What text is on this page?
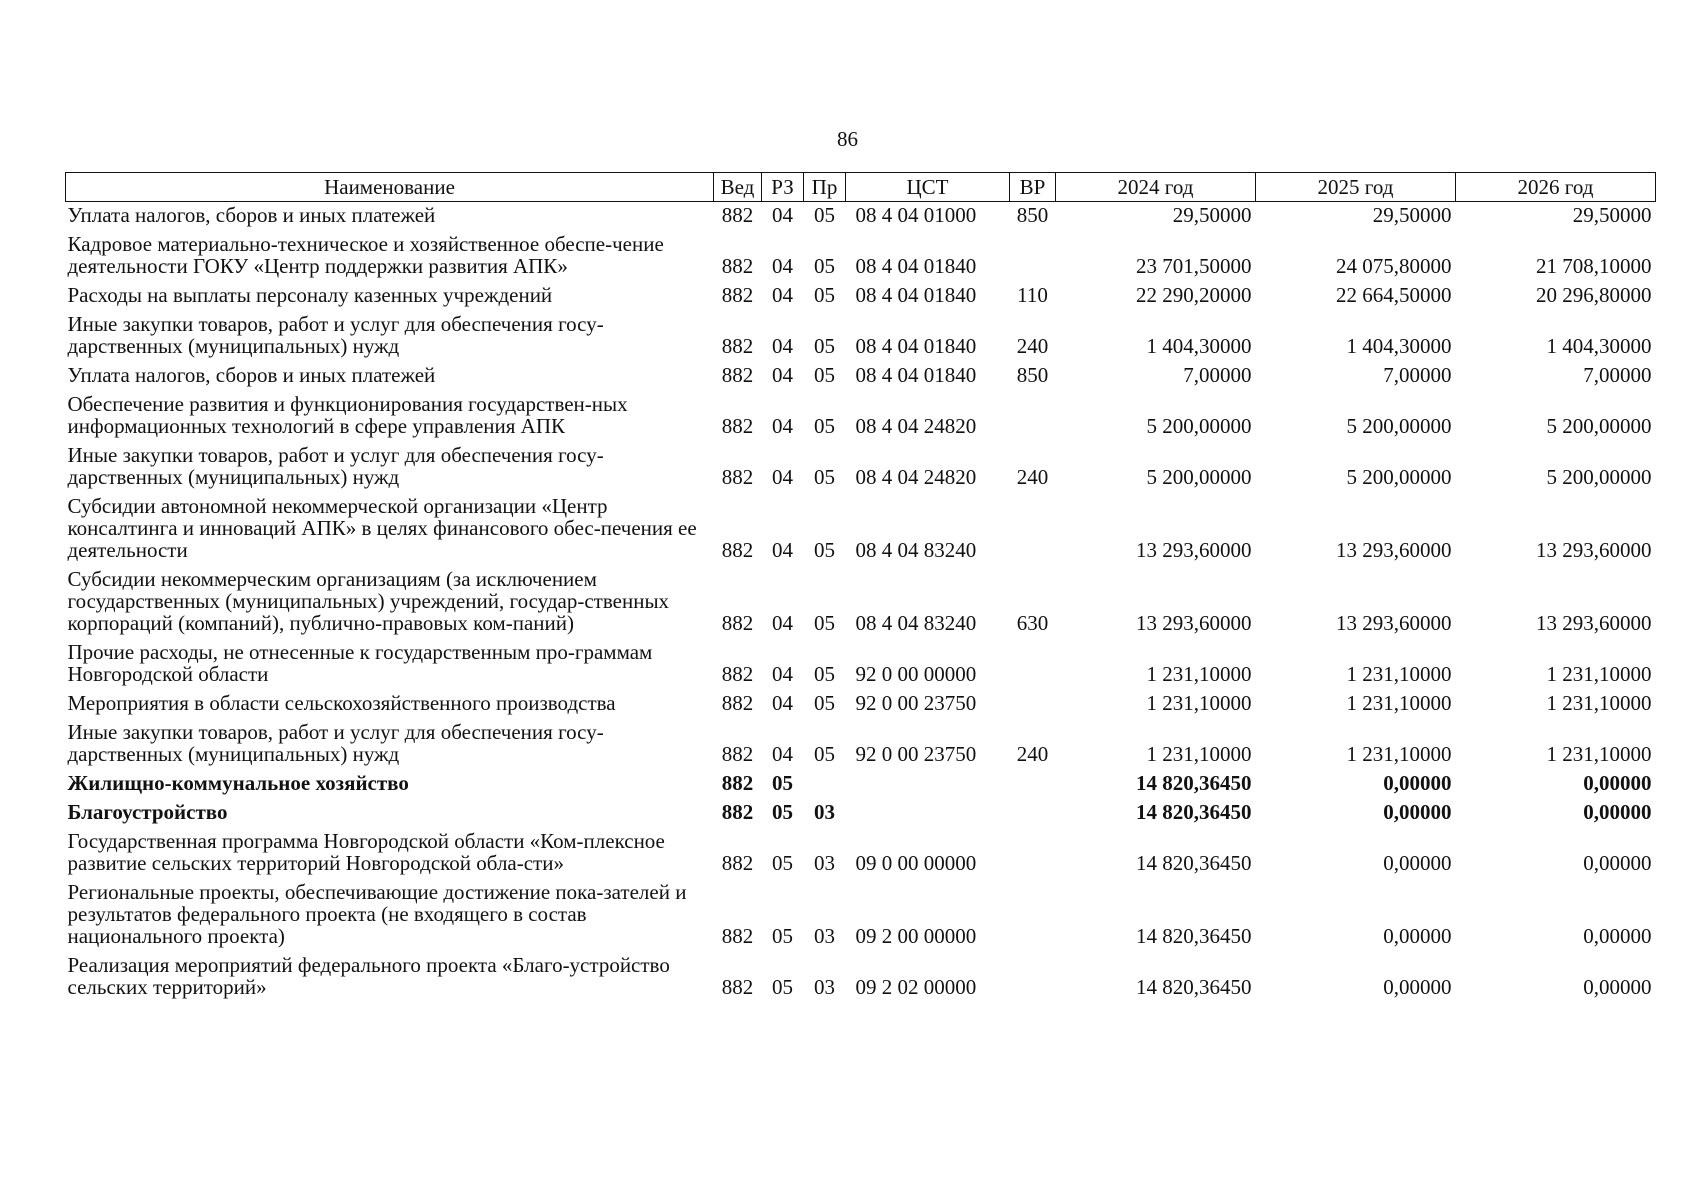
86
Наименование	Вед	РЗ	Пр	ЦСТ	ВР	2024 год	2025 год	2026 год
Уплата налогов, сборов и иных платежей	882	04	05	08 4 04 01000	850	29,50000	29,50000	29,50000
Кадровое материально-техническое и хозяйственное обеспе-чение деятельности ГОКУ «Центр поддержки развития АПК»	882	04	05	08 4 04 01840		23 701,50000	24 075,80000	21 708,10000
Расходы на выплаты персоналу казенных учреждений	882	04	05	08 4 04 01840	110	22 290,20000	22 664,50000	20 296,80000
Иные закупки товаров, работ и услуг для обеспечения госу-дарственных (муниципальных) нужд	882	04	05	08 4 04 01840	240	1 404,30000	1 404,30000	1 404,30000
Уплата налогов, сборов и иных платежей	882	04	05	08 4 04 01840	850	7,00000	7,00000	7,00000
Обеспечение развития и функционирования государствен-ных информационных технологий в сфере управления АПК	882	04	05	08 4 04 24820		5 200,00000	5 200,00000	5 200,00000
Иные закупки товаров, работ и услуг для обеспечения госу-дарственных (муниципальных) нужд	882	04	05	08 4 04 24820	240	5 200,00000	5 200,00000	5 200,00000
Субсидии автономной некоммерческой организации «Центр консалтинга и инноваций АПК» в целях финансового обес-печения ее деятельности	882	04	05	08 4 04 83240		13 293,60000	13 293,60000	13 293,60000
Субсидии некоммерческим организациям (за исключением государственных (муниципальных) учреждений, государ-ственных корпораций (компаний), публично-правовых ком-паний)	882	04	05	08 4 04 83240	630	13 293,60000	13 293,60000	13 293,60000
Прочие расходы, не отнесенные к государственным про-граммам Новгородской области	882	04	05	92 0 00 00000		1 231,10000	1 231,10000	1 231,10000
Мероприятия в области сельскохозяйственного производства	882	04	05	92 0 00 23750		1 231,10000	1 231,10000	1 231,10000
Иные закупки товаров, работ и услуг для обеспечения госу-дарственных (муниципальных) нужд	882	04	05	92 0 00 23750	240	1 231,10000	1 231,10000	1 231,10000
Жилищно-коммунальное хозяйство	882	05				14 820,36450	0,00000	0,00000
Благоустройство	882	05	03			14 820,36450	0,00000	0,00000
Государственная программа Новгородской области «Ком-плексное развитие сельских территорий Новгородской обла-сти»	882	05	03	09 0 00 00000		14 820,36450	0,00000	0,00000
Региональные проекты, обеспечивающие достижение пока-зателей и результатов федерального проекта (не входящего в состав национального проекта)	882	05	03	09 2 00 00000		14 820,36450	0,00000	0,00000
Реализация мероприятий федерального проекта «Благо-устройство сельских территорий»	882	05	03	09 2 02 00000		14 820,36450	0,00000	0,00000
